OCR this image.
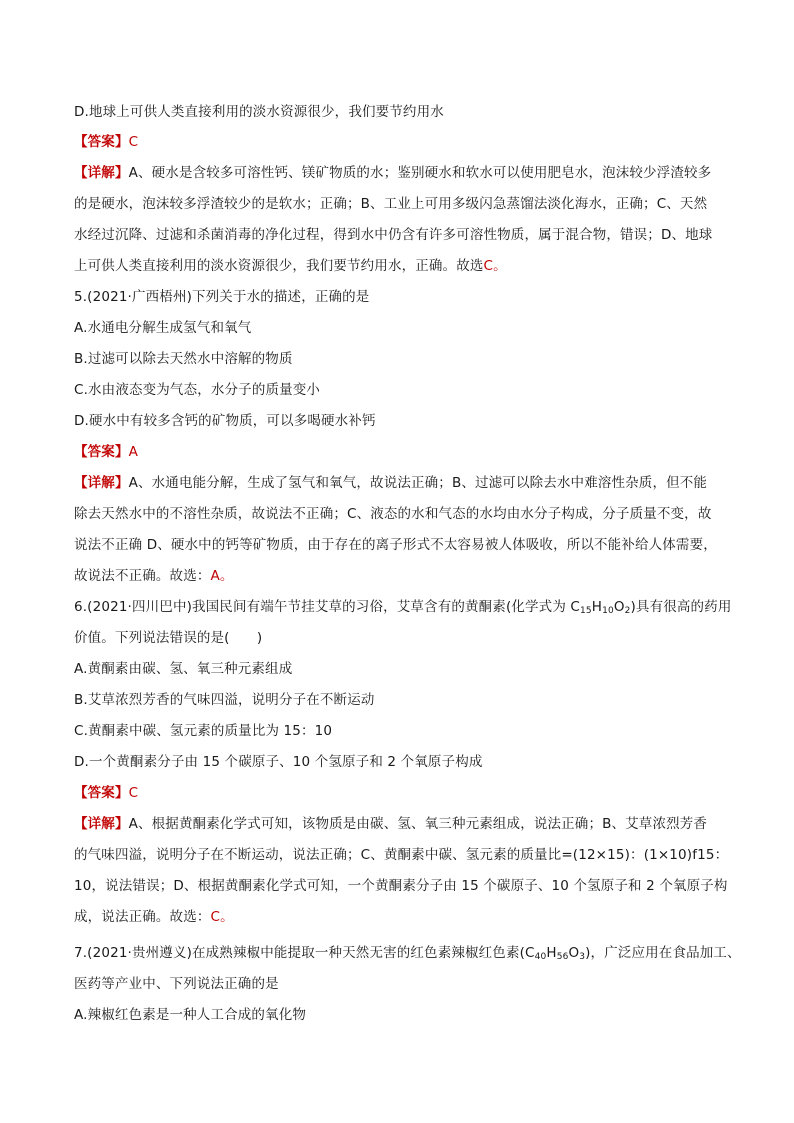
D.地球上可供人类直接利用的淡水资源很少，我们要节约用水
【答案】C
【详解】A、硬水是含较多可溶性钙、镁矿物质的水；鉴别硬水和软水可以使用肥皂水，泡沫较少浮渣较多
的是硬水，泡沫较多浮渣较少的是软水；正确；B、工业上可用多级闪急蒸馏法淡化海水，正确；C、天然
水经过沉降、过滤和杀菌消毒的净化过程，得到水中仍含有许多可溶性物质，属于混合物，错误；D、地球
上可供人类直接利用的淡水资源很少，我们要节约用水，正确。故选C。
5.(2021·广西梧州)下列关于水的描述，正确的是
A.水通电分解生成氢气和氧气
B.过滤可以除去天然水中溶解的物质
C.水由液态变为气态，水分子的质量变小
D.硬水中有较多含钙的矿物质，可以多喝硬水补钙
【答案】A
【详解】A、水通电能分解，生成了氢气和氧气，故说法正确；B、过滤可以除去水中难溶性杂质，但不能
除去天然水中的不溶性杂质，故说法不正确；C、液态的水和气态的水均由水分子构成，分子质量不变，故
说法不正确 D、硬水中的钙等矿物质，由于存在的离子形式不太容易被人体吸收，所以不能补给人体需要，
故说法不正确。故选：A。
6.(2021·四川巴中)我国民间有端午节挂艾草的习俗，艾草含有的黄酮素(化学式为 $C_{15}H_{10}O_2$)具有很高的药用
价值。下列说法错误的是(　　)
A.黄酮素由碳、氢、氧三种元素组成
B.艾草浓烈芳香的气味四溢，说明分子在不断运动
C.黄酮素中碳、氢元素的质量比为 15：10
D.一个黄酮素分子由 15 个碳原子、10 个氢原子和 2 个氧原子构成
【答案】C
【详解】A、根据黄酮素化学式可知，该物质是由碳、氢、氧三种元素组成，说法正确；B、艾草浓烈芳香
的气味四溢，说明分子在不断运动，说法正确；C、黄酮素中碳、氢元素的质量比=(12×15)：(1×10)f15：
10，说法错误；D、根据黄酮素化学式可知，一个黄酮素分子由 15 个碳原子、10 个氢原子和 2 个氧原子构
成，说法正确。故选：C。
7.(2021·贵州遵义)在成熟辣椒中能提取一种天然无害的红色素辣椒红色素$(C_{40}H_{56}O_3)$，广泛应用在食品加工、
医药等产业中、下列说法正确的是
A.辣椒红色素是一种人工合成的氧化物
